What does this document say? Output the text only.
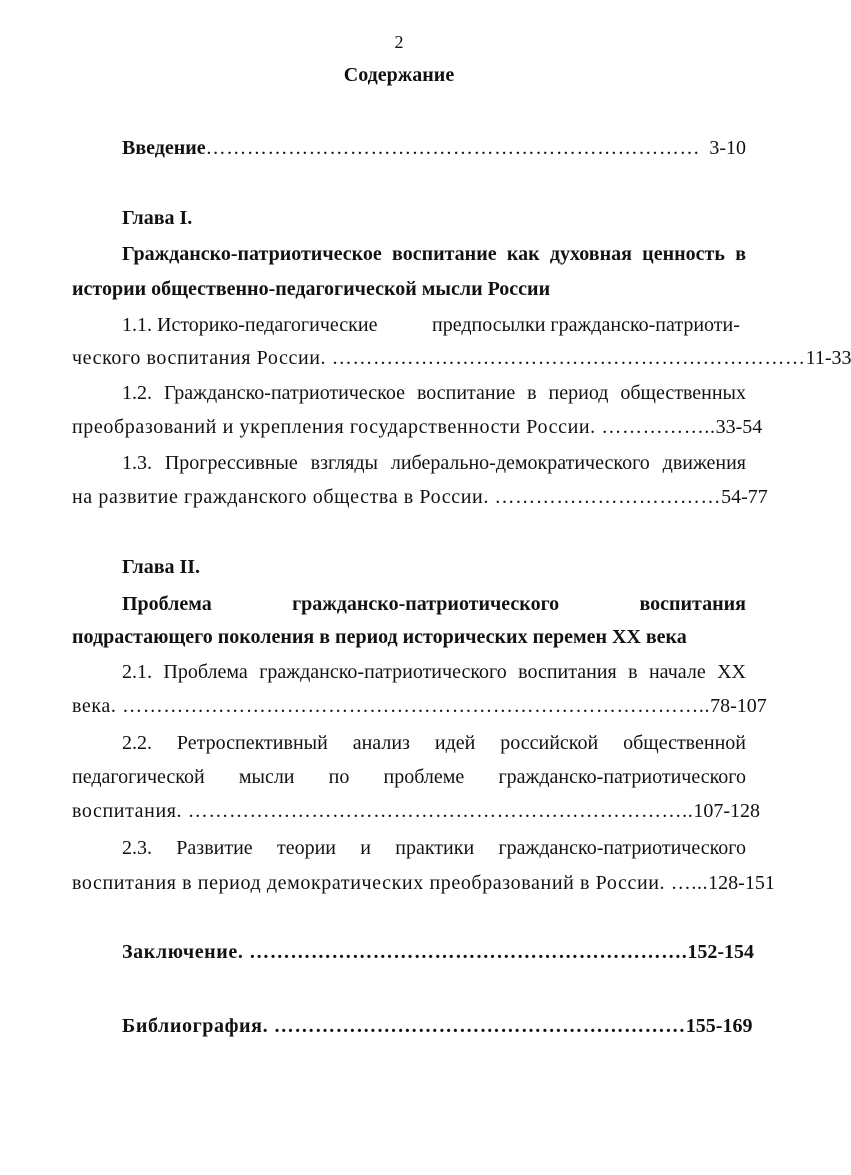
2
Содержание
Введение ……………………………………………………………… 3-10
Глава I.
Гражданско-патриотическое воспитание как духовная ценность в
истории общественно-педагогической мысли России
1.1. Историко-педагогические	предпосылки гражданско-патриоти-
ческого воспитания России. …………………………………………………………… 11-33
1.2. Гражданско-патриотическое воспитание в период общественных
преобразований и укрепления государственности России. …………….. 33-54
1.3. Прогрессивные взгляды либерально-демократического движения
на развитие гражданского общества в России. …………………………… 54-77
Глава II.
Проблема	гражданско-патриотического	воспитания
подрастающего поколения в период исторических перемен XX века
2.1. Проблема гражданско-патриотического воспитания в начале XX
века. ………………………………………………………………………….. 78-107
2.2. Ретроспективный анализ идей российской общественной
педагогической мысли по проблеме гражданско-патриотического
воспитания. ……………………………………………………………….. 107-128
2.3. Развитие теории и практики гражданско-патриотического
воспитания в период демократических преобразований в России. …... 128-151
Заключение. ………………………………………………………. 152-154
Библиография. …………………………………………………… 155-169
